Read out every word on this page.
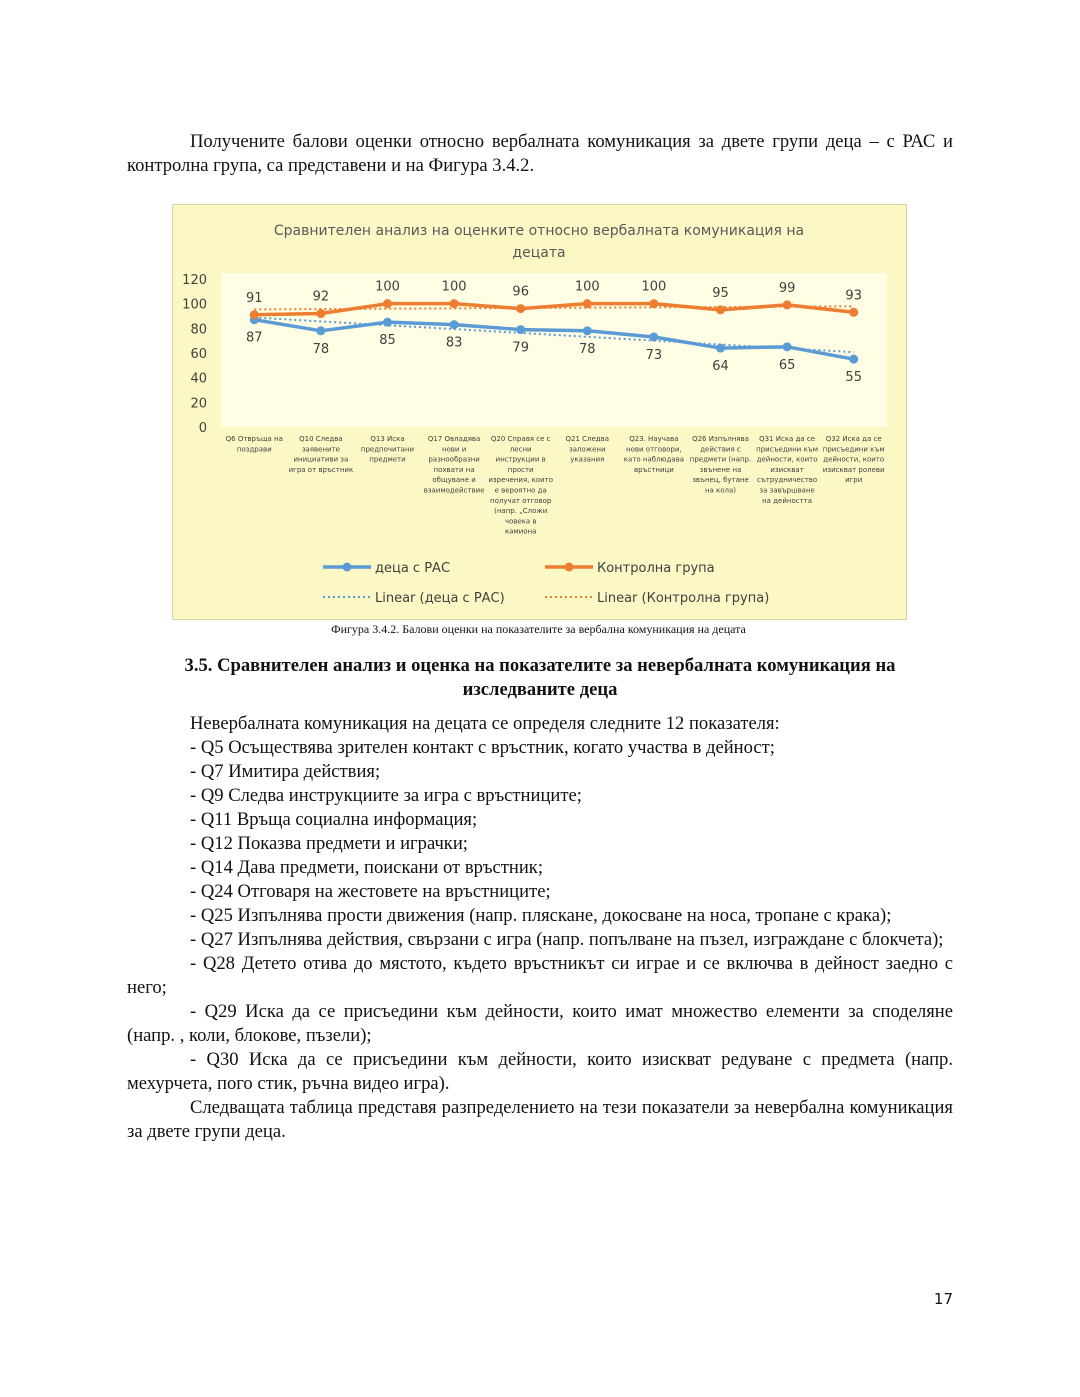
Получените балови оценки относно вербалната комуникация за двете групи деца – с РАС и контролна група, са представени и на Фигура 3.4.2.

Сравнителен анализ на оценките относно вербалната комуникация на
децата
0
20
40
60
80
100
120
Q6 Отвръща на
поздрави
Q10 Следва
заявените
инициативи за
игра от връстник
Q13 Иска
предпочитани
предмети
Q17 Овладява
нови и
разнообразни
похвати на
общуване и
взаимодействие
Q20 Справя се с
лесни
инструкции в
прости
изречения, които
е вероятно да
получат отговор
(напр. „Сложи
човека в
камиона
Q21 Следва
заложени
указания
Q23. Научава
нови отговори,
като наблюдава
връстници
Q26 Изпълнява
действия с
предмети (напр.
звънене на
звънец, бутане
на кола)
Q31 Иска да се
присъедини към
дейности, които
изискват
сътрудничество
за завършване
на дейността
Q32 Иска да се
присъедини към
дейности, които
изискват ролеви
игри
87
78
85	83	79	78	73
64	65
55
91	92
100	100	96	100	100	95	99	93
деца с РАС	Контролна група
Linear (деца с РАС)	Linear (Контролна група)
Фигура 3.4.2. Балови оценки на показателите за вербална комуникация на децата
3.5. Сравнителен анализ и оценка на показателите за невербалната комуникация на
изследваните деца
Невербалната комуникация на децата се определя следните 12 показателя:
- Q5 Осъществява зрителен контакт с връстник, когато участва в дейност;
- Q7 Имитира действия;
- Q9 Следва инструкциите за игра с връстниците;
- Q11 Връща социална информация;
- Q12 Показва предмети и играчки;
- Q14 Дава предмети, поискани от връстник;
- Q24 Отговаря на жестовете на връстниците;
- Q25 Изпълнява прости движения (напр. пляскане, докосване на носа, тропане с крака);
- Q27 Изпълнява действия, свързани с игра (напр. попълване на пъзел, изграждане с блокчета);
- Q28 Детето отива до мястото, където връстникът си играе и се включва в дейност заедно с него;
- Q29 Иска да се присъедини към дейности, които имат множество елементи за споделяне (напр. , коли, блокове, пъзели);
- Q30 Иска да се присъедини към дейности, които изискват редуване с предмета (напр. мехурчета, пого стик, ръчна видео игра).
Следващата таблица представя разпределението на тези показатели за невербална комуникация за двете групи деца.
17
